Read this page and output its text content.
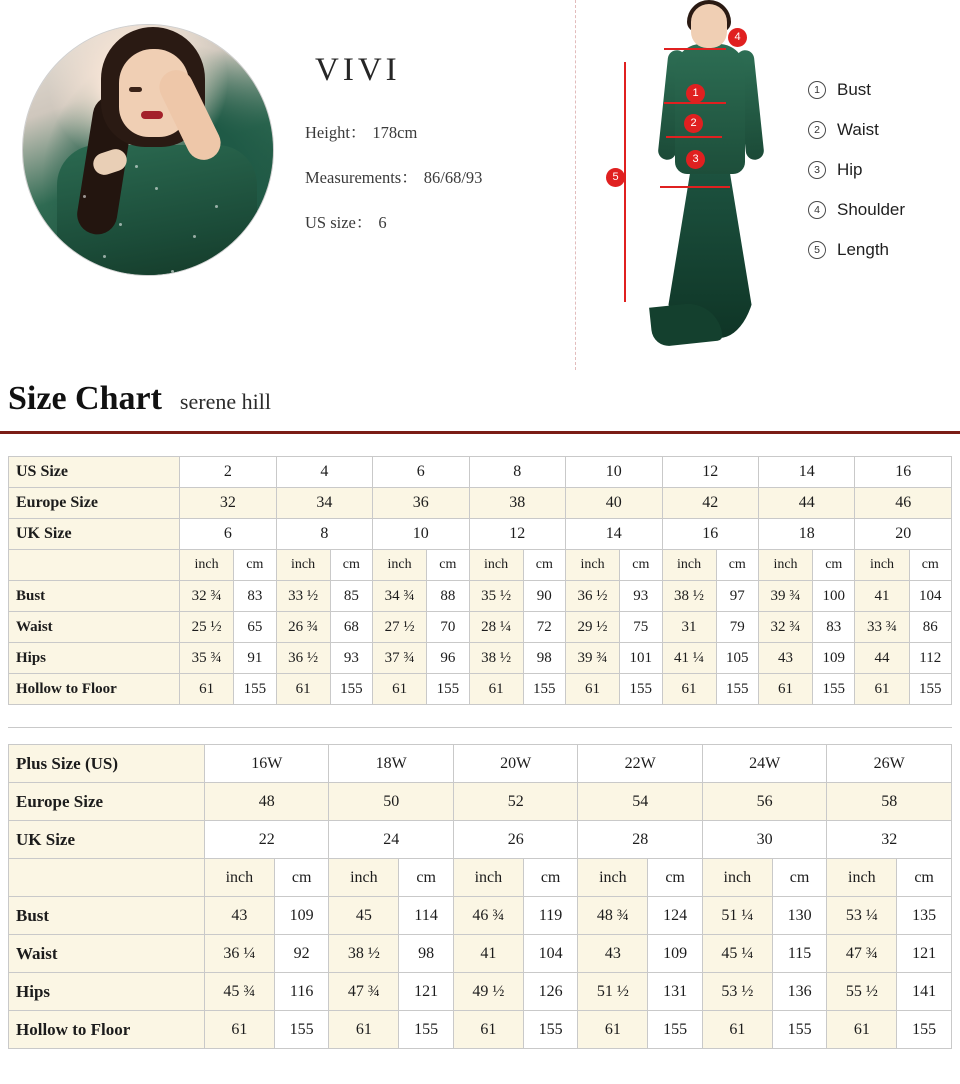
VIVI
Height： 178cm
Measurements： 86/68/93
US size： 6
4
1
2
3
5
1	Bust
2	Waist
3	Hip
4	Shoulder
5	Length
Size Chart serene hill
US Size	2		4		6		8		10		12		14		16	
Europe Size	32		34		36		38		40		42		44		46	
UK Size	6		8		10		12		14		16		18		20	
	inch	cm	inch	cm	inch	cm	inch	cm	inch	cm	inch	cm	inch	cm	inch	cm
Bust	32 ¾	83	33 ½	85	34 ¾	88	35 ½	90	36 ½	93	38 ½	97	39 ¾	100	41	104
Waist	25 ½	65	26 ¾	68	27 ½	70	28 ¼	72	29 ½	75	31	79	32 ¾	83	33 ¾	86
Hips	35 ¾	91	36 ½	93	37 ¾	96	38 ½	98	39 ¾	101	41 ¼	105	43	109	44	112
Hollow to Floor	61	155	61	155	61	155	61	155	61	155	61	155	61	155	61	155
Plus Size (US)	16W		18W		20W		22W		24W		26W	
Europe Size	48		50		52		54		56		58	
UK Size	22		24		26		28		30		32	
	inch	cm	inch	cm	inch	cm	inch	cm	inch	cm	inch	cm
Bust	43	109	45	114	46 ¾	119	48 ¾	124	51 ¼	130	53 ¼	135
Waist	36 ¼	92	38 ½	98	41	104	43	109	45 ¼	115	47 ¾	121
Hips	45 ¾	116	47 ¾	121	49 ½	126	51 ½	131	53 ½	136	55 ½	141
Hollow to Floor	61	155	61	155	61	155	61	155	61	155	61	155
